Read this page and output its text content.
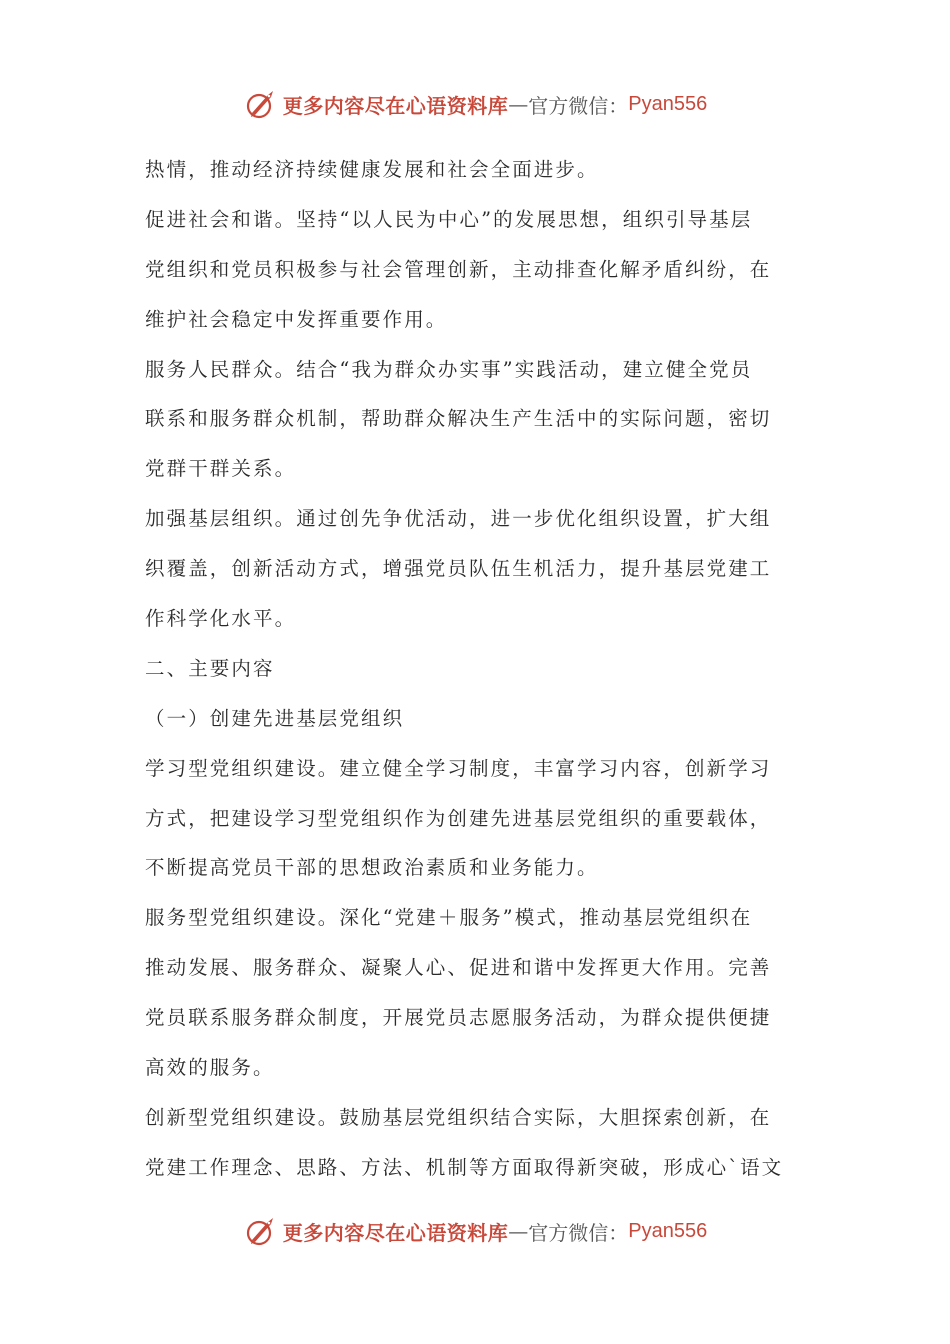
更多内容尽在心语资料库 — 官方微信： Pyan556
热情，推动经济持续健康发展和社会全面进步。
促进社会和谐。坚持“以人民为中心”的发展思想，组织引导基层
党组织和党员积极参与社会管理创新，主动排查化解矛盾纠纷，在
维护社会稳定中发挥重要作用。
服务人民群众。结合“我为群众办实事”实践活动，建立健全党员
联系和服务群众机制，帮助群众解决生产生活中的实际问题，密切
党群干群关系。
加强基层组织。通过创先争优活动，进一步优化组织设置，扩大组
织覆盖，创新活动方式，增强党员队伍生机活力，提升基层党建工
作科学化水平。
二、主要内容
（一）创建先进基层党组织
学习型党组织建设。建立健全学习制度，丰富学习内容，创新学习
方式，把建设学习型党组织作为创建先进基层党组织的重要载体，
不断提高党员干部的思想政治素质和业务能力。
服务型党组织建设。深化“党建＋服务”模式，推动基层党组织在
推动发展、服务群众、凝聚人心、促进和谐中发挥更大作用。完善
党员联系服务群众制度，开展党员志愿服务活动，为群众提供便捷
高效的服务。
创新型党组织建设。鼓励基层党组织结合实际，大胆探索创新，在
党建工作理念、思路、方法、机制等方面取得新突破，形成心`语文
更多内容尽在心语资料库 — 官方微信： Pyan556
